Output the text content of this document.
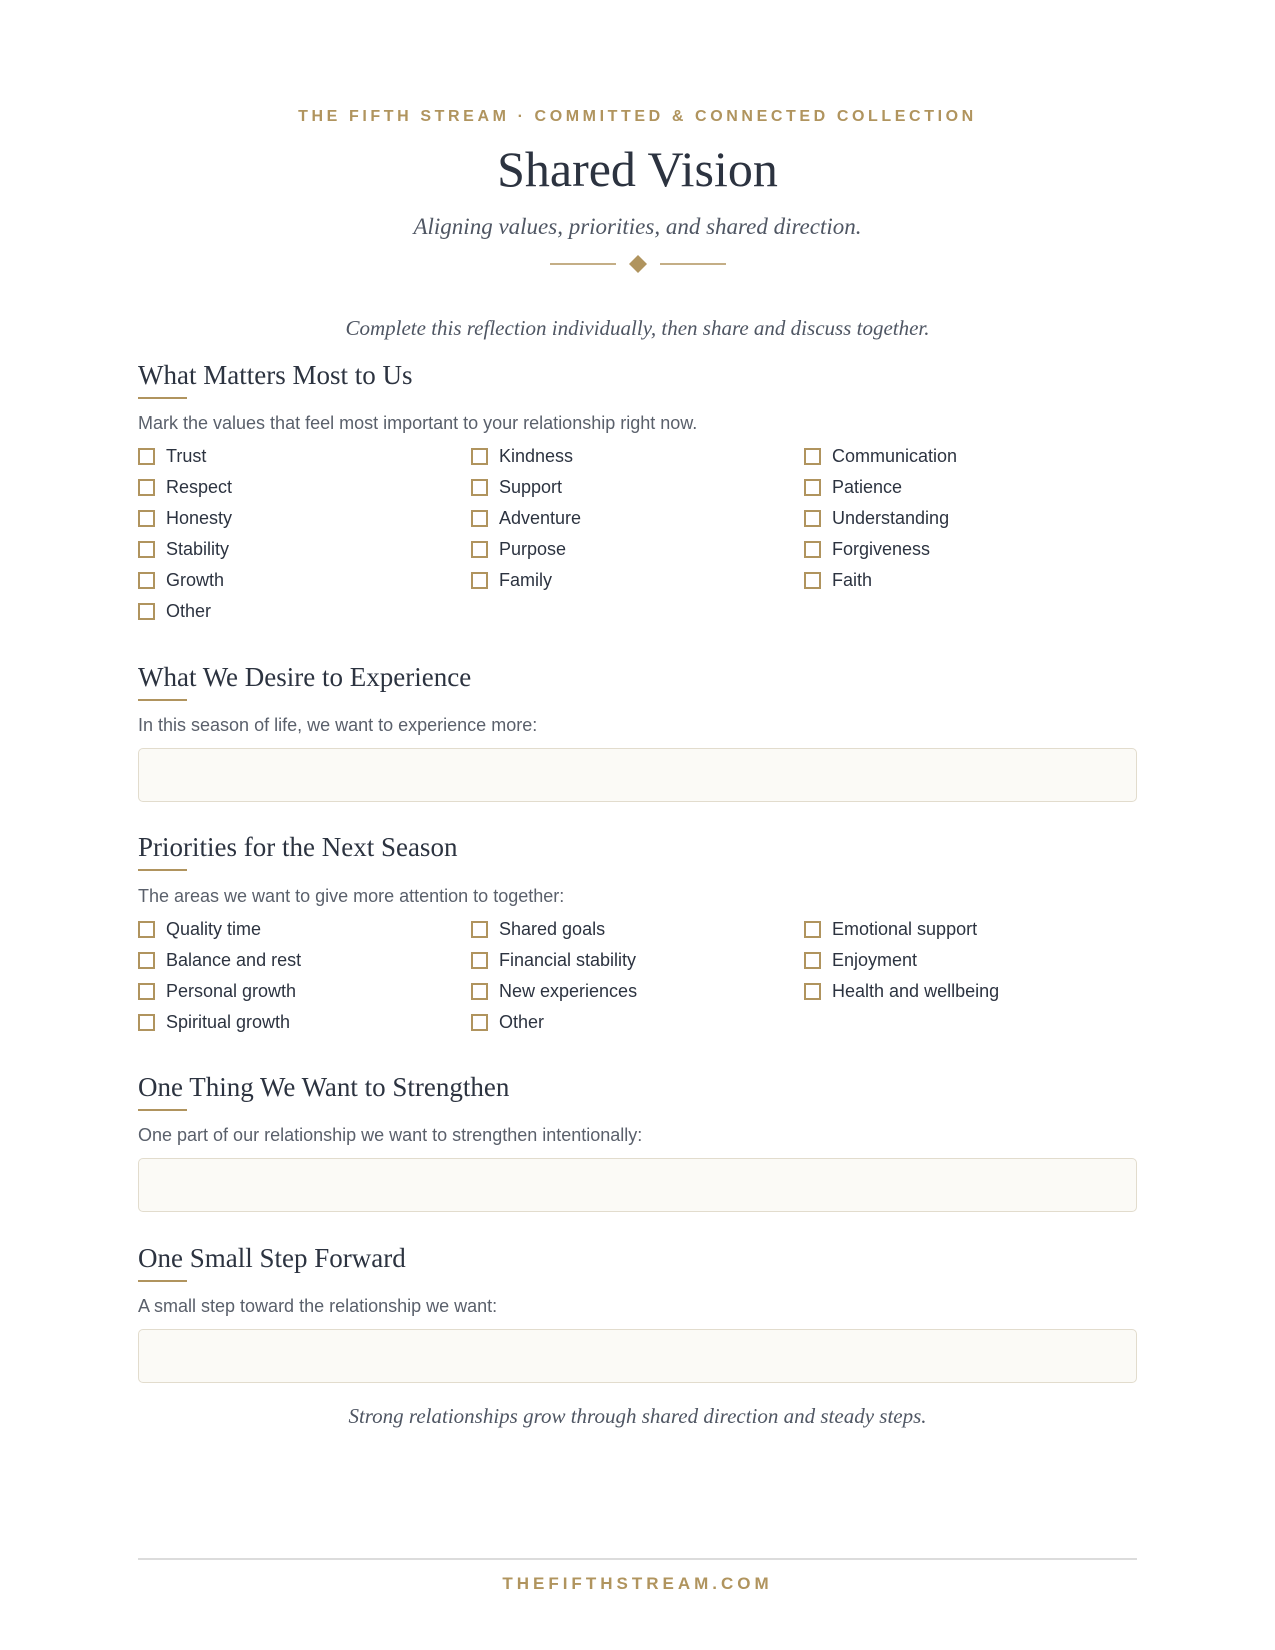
THE FIFTH STREAM · COMMITTED & CONNECTED COLLECTION
Shared Vision
Aligning values, priorities, and shared direction.
Complete this reflection individually, then share and discuss together.
What Matters Most to Us
Mark the values that feel most important to your relationship right now.
Trust	Kindness	Communication
Respect	Support	Patience
Honesty	Adventure	Understanding
Stability	Purpose	Forgiveness
Growth	Family	Faith
Other
What We Desire to Experience
In this season of life, we want to experience more:
Priorities for the Next Season
The areas we want to give more attention to together:
Quality time	Shared goals	Emotional support
Balance and rest	Financial stability	Enjoyment
Personal growth	New experiences	Health and wellbeing
Spiritual growth	Other
One Thing We Want to Strengthen
One part of our relationship we want to strengthen intentionally:
One Small Step Forward
A small step toward the relationship we want:
Strong relationships grow through shared direction and steady steps.
THEFIFTHSTREAM.COM
